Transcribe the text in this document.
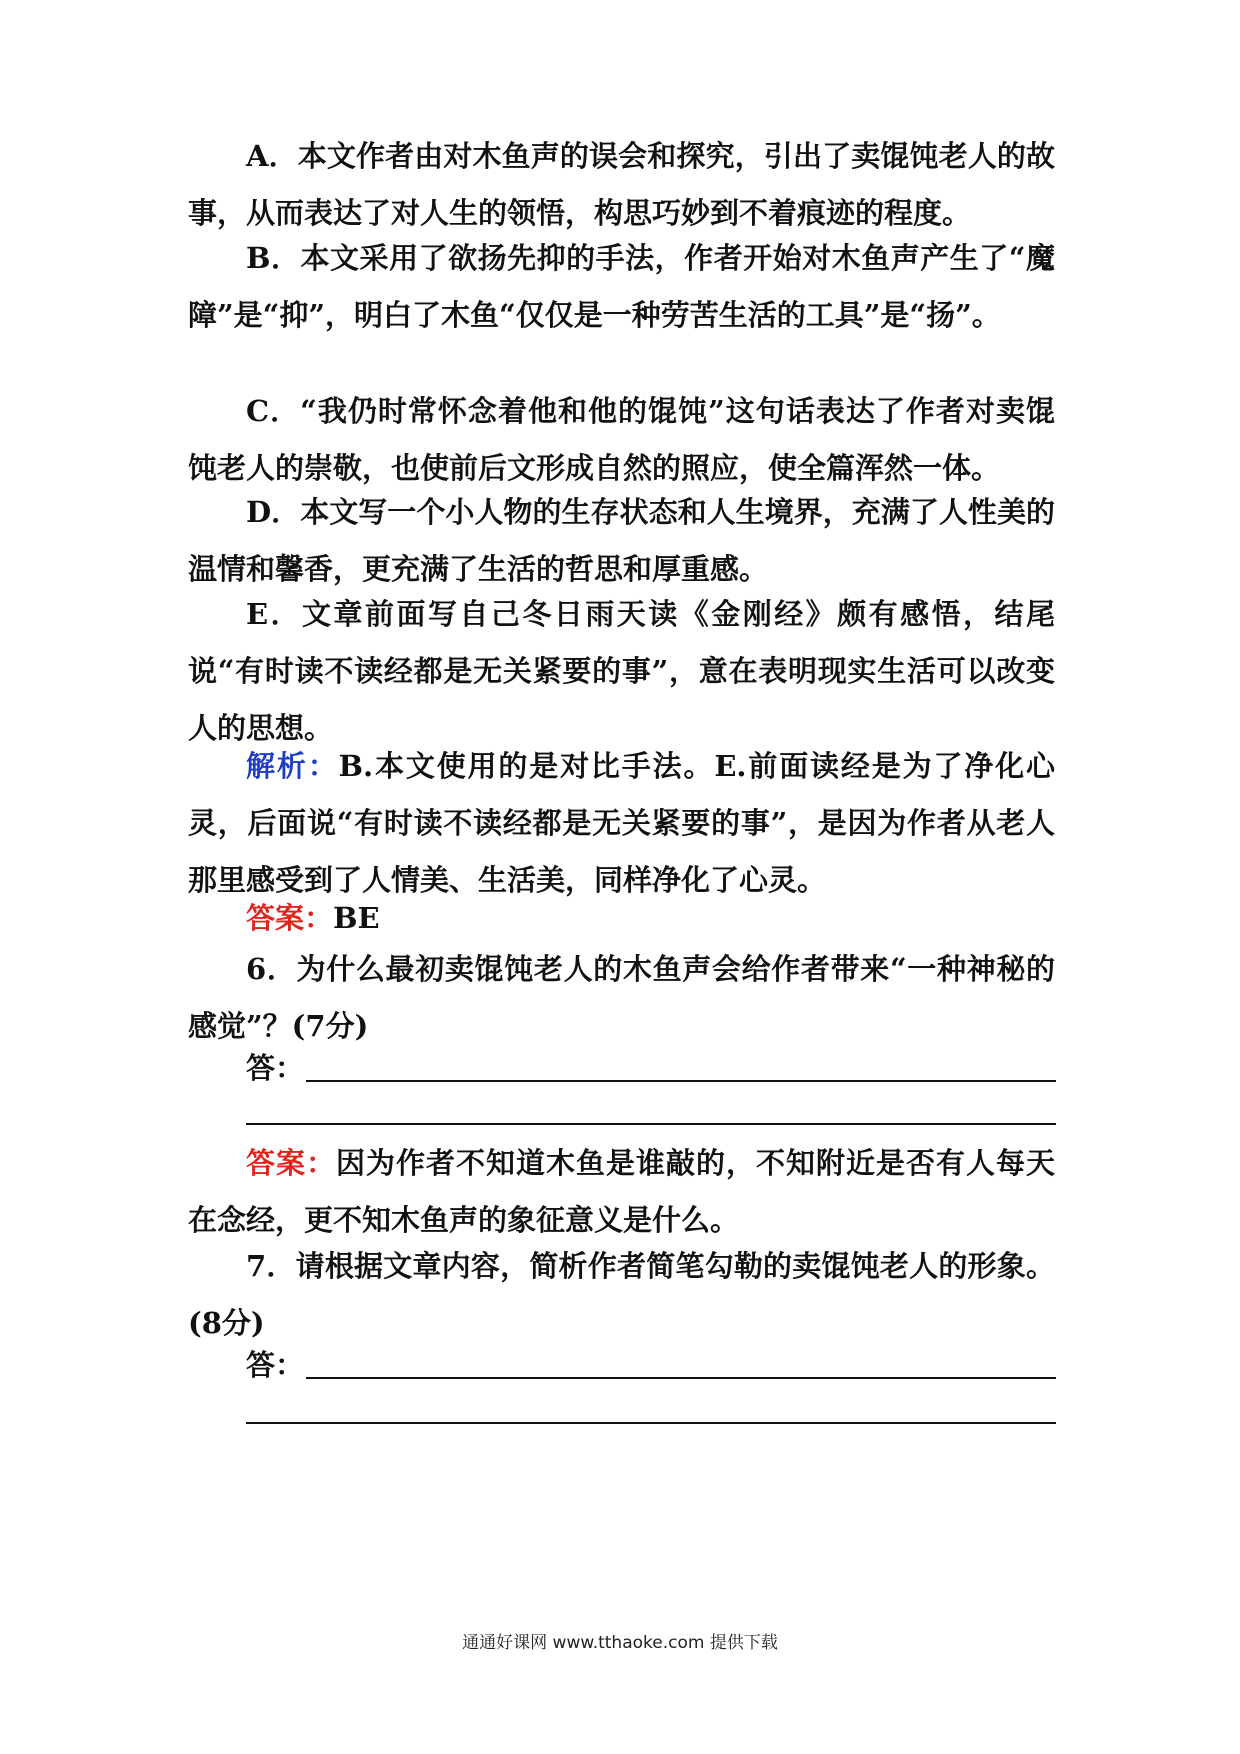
A．本文作者由对木鱼声的误会和探究，引出了卖馄饨老人的故事，从而表达了对人生的领悟，构思巧妙到不着痕迹的程度。

B．本文采用了欲扬先抑的手法，作者开始对木鱼声产生了“魔障”是“抑”，明白了木鱼“仅仅是一种劳苦生活的工具”是“扬”。

C．“我仍时常怀念着他和他的馄饨”这句话表达了作者对卖馄饨老人的崇敬，也使前后文形成自然的照应，使全篇浑然一体。

D．本文写一个小人物的生存状态和人生境界，充满了人性美的温情和馨香，更充满了生活的哲思和厚重感。

E．文章前面写自己冬日雨天读《金刚经》颇有感悟，结尾说“有时读不读经都是无关紧要的事”，意在表明现实生活可以改变人的思想。

解析：B.本文使用的是对比手法。E.前面读经是为了净化心灵，后面说“有时读不读经都是无关紧要的事”，是因为作者从老人那里感受到了人情美、生活美，同样净化了心灵。

答案：BE

6．为什么最初卖馄饨老人的木鱼声会给作者带来“一种神秘的感觉”？(7分)

答：

答案：因为作者不知道木鱼是谁敲的，不知附近是否有人每天在念经，更不知木鱼声的象征意义是什么。

7．请根据文章内容，简析作者简笔勾勒的卖馄饨老人的形象。(8分)

答：
通通好课网 www.tthaoke.com 提供下载
